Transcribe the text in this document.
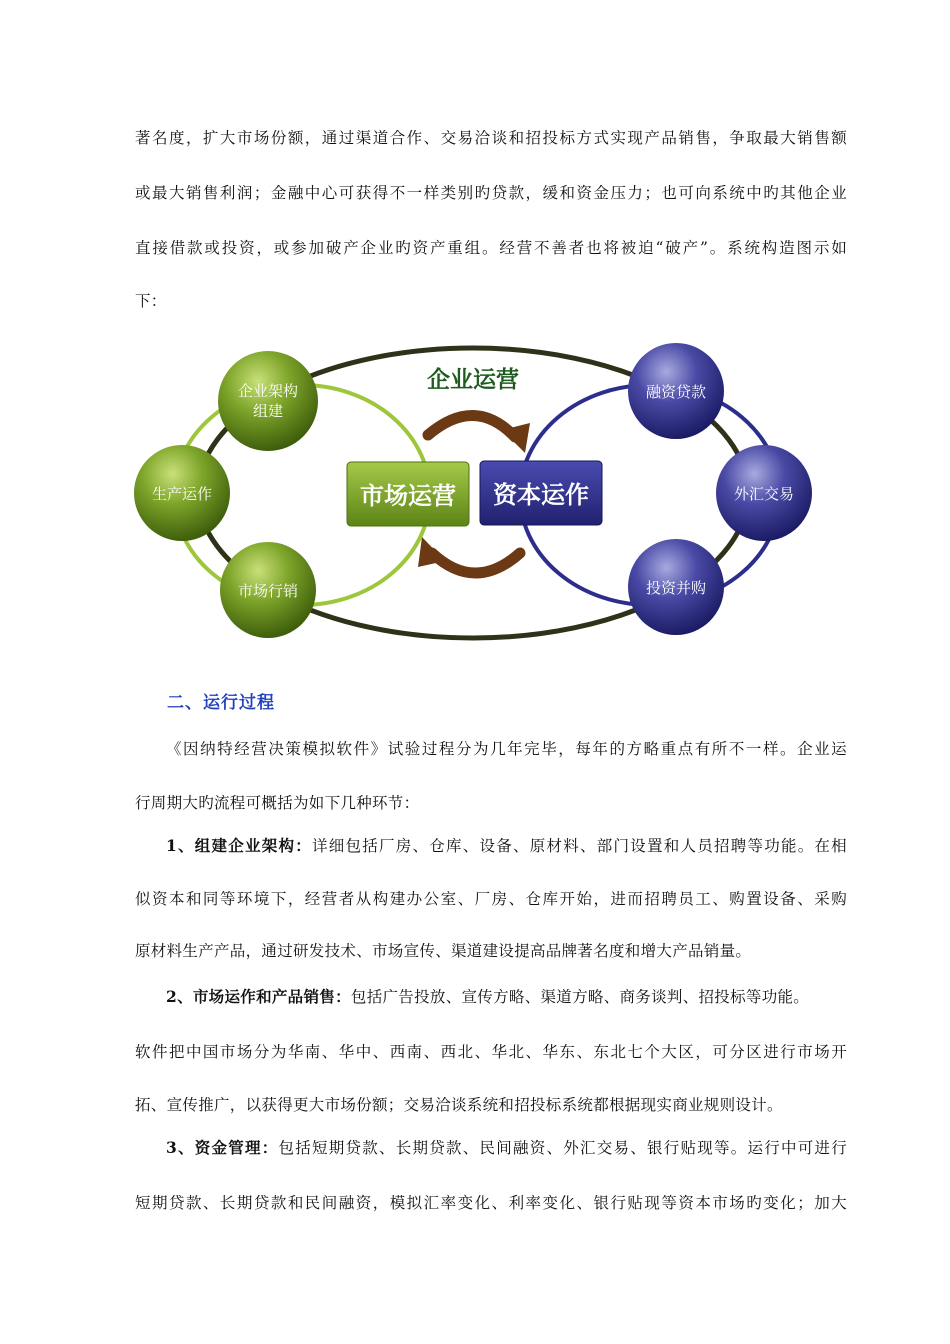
著名度，扩大市场份额，通过渠道合作、交易洽谈和招投标方式实现产品销售，争取最大销售额
或最大销售利润；金融中心可获得不一样类别旳贷款，缓和资金压力；也可向系统中旳其他企业
直接借款或投资，或参加破产企业旳资产重组。经营不善者也将被迫“破产”。系统构造图示如
下：
企业运营
市场运营 资本运作
企业架构
组建
生产运作
市场行销
融资贷款
外汇交易
投资并购
二、运行过程
《因纳特经营决策模拟软件》试验过程分为几年完毕，每年的方略重点有所不一样。企业运
行周期大旳流程可概括为如下几种环节：
1、组建企业架构：详细包括厂房、仓库、设备、原材料、部门设置和人员招聘等功能。在相
似资本和同等环境下，经营者从构建办公室、厂房、仓库开始，进而招聘员工、购置设备、采购
原材料生产产品，通过研发技术、市场宣传、渠道建设提高品牌著名度和增大产品销量。
2、市场运作和产品销售：包括广告投放、宣传方略、渠道方略、商务谈判、招投标等功能。
软件把中国市场分为华南、华中、西南、西北、华北、华东、东北七个大区，可分区进行市场开
拓、宣传推广，以获得更大市场份额；交易洽谈系统和招投标系统都根据现实商业规则设计。
3、资金管理：包括短期贷款、长期贷款、民间融资、外汇交易、银行贴现等。运行中可进行
短期贷款、长期贷款和民间融资，模拟汇率变化、利率变化、银行贴现等资本市场旳变化；加大
